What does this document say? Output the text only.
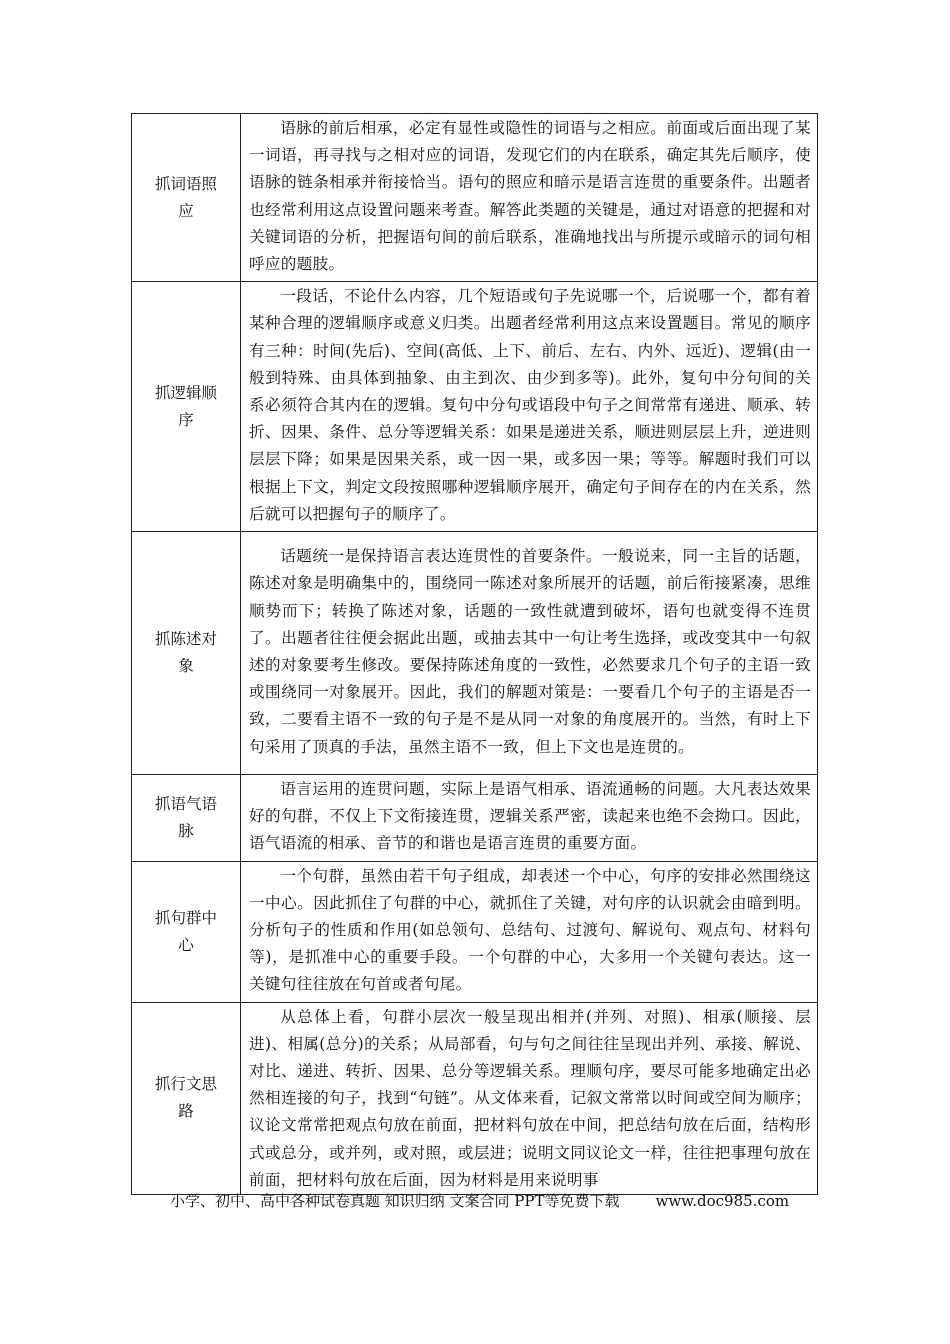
抓词语照应	语脉的前后相承，必定有显性或隐性的词语与之相应。前面或后面出现了某一词语，再寻找与之相对应的词语，发现它们的内在联系，确定其先后顺序，使语脉的链条相承并衔接恰当。语句的照应和暗示是语言连贯的重要条件。出题者也经常利用这点设置问题来考查。解答此类题的关键是，通过对语意的把握和对关键词语的分析，把握语句间的前后联系，准确地找出与所提示或暗示的词句相呼应的题肢。
抓逻辑顺序	一段话，不论什么内容，几个短语或句子先说哪一个，后说哪一个，都有着某种合理的逻辑顺序或意义归类。出题者经常利用这点来设置题目。常见的顺序有三种：时间(先后)、空间(高低、上下、前后、左右、内外、远近)、逻辑(由一般到特殊、由具体到抽象、由主到次、由少到多等)。此外，复句中分句间的关系必须符合其内在的逻辑。复句中分句或语段中句子之间常常有递进、顺承、转折、因果、条件、总分等逻辑关系：如果是递进关系，顺进则层层上升，逆进则层层下降；如果是因果关系，或一因一果，或多因一果；等等。解题时我们可以根据上下文，判定文段按照哪种逻辑顺序展开，确定句子间存在的内在关系，然后就可以把握句子的顺序了。
抓陈述对象	话题统一是保持语言表达连贯性的首要条件。一般说来，同一主旨的话题，陈述对象是明确集中的，围绕同一陈述对象所展开的话题，前后衔接紧凑，思维顺势而下；转换了陈述对象，话题的一致性就遭到破坏，语句也就变得不连贯了。出题者往往便会据此出题，或抽去其中一句让考生选择，或改变其中一句叙述的对象要考生修改。要保持陈述角度的一致性，必然要求几个句子的主语一致或围绕同一对象展开。因此，我们的解题对策是：一要看几个句子的主语是否一致，二要看主语不一致的句子是不是从同一对象的角度展开的。当然，有时上下句采用了顶真的手法，虽然主语不一致，但上下文也是连贯的。
抓语气语脉	语言运用的连贯问题，实际上是语气相承、语流通畅的问题。大凡表达效果好的句群，不仅上下文衔接连贯，逻辑关系严密，读起来也绝不会拗口。因此，语气语流的相承、音节的和谐也是语言连贯的重要方面。
抓句群中心	一个句群，虽然由若干句子组成，却表述一个中心，句序的安排必然围绕这一中心。因此抓住了句群的中心，就抓住了关键，对句序的认识就会由暗到明。分析句子的性质和作用(如总领句、总结句、过渡句、解说句、观点句、材料句等)，是抓准中心的重要手段。一个句群的中心，大多用一个关键句表达。这一关键句往往放在句首或者句尾。
抓行文思路	从总体上看，句群小层次一般呈现出相并(并列、对照)、相承(顺接、层进)、相属(总分)的关系；从局部看，句与句之间往往呈现出并列、承接、解说、对比、递进、转折、因果、总分等逻辑关系。理顺句序，要尽可能多地确定出必然相连接的句子，找到“句链”。从文体来看，记叙文常常以时间或空间为顺序；议论文常常把观点句放在前面，把材料句放在中间，把总结句放在后面，结构形式或总分，或并列，或对照，或层进；说明文同议论文一样，往往把事理句放在前面，把材料句放在后面，因为材料是用来说明事
小学、初中、高中各种试卷真题 知识归纳 文案合同 PPT等免费下载 www.doc985.com
